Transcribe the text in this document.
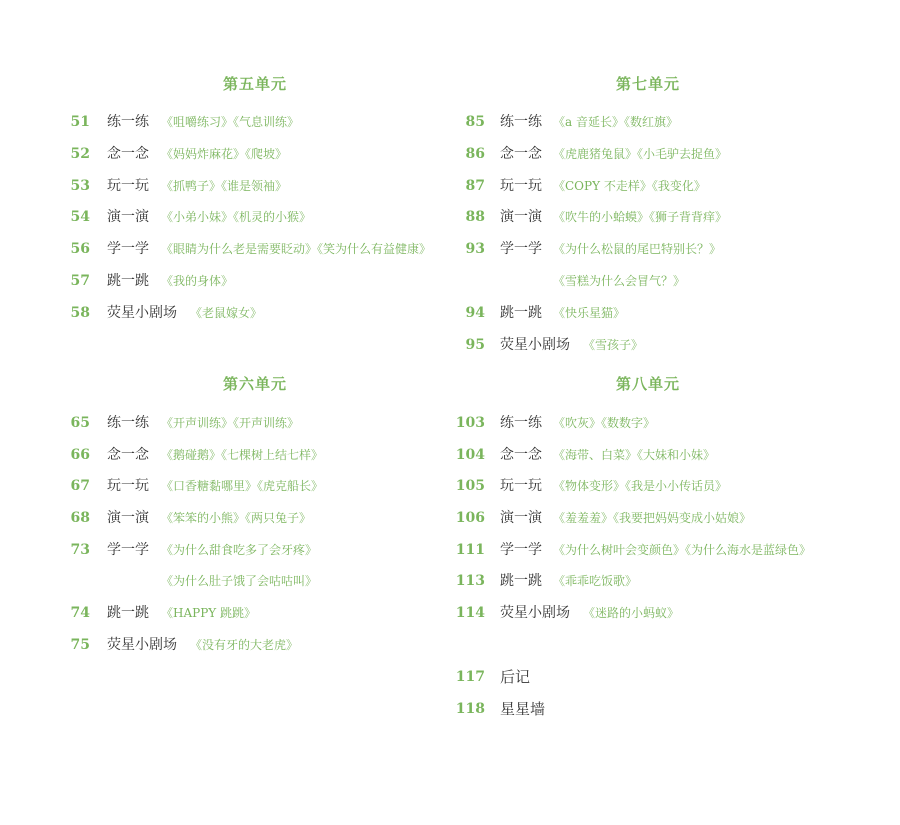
第五单元
51 练一练 《咀嚼练习》《气息训练》
52 念一念 《妈妈炸麻花》《爬坡》
53 玩一玩 《抓鸭子》《谁是领袖》
54 演一演 《小弟小妹》《机灵的小猴》
56 学一学 《眼睛为什么老是需要眨动》《笑为什么有益健康》
57 跳一跳 《我的身体》
58 荧星小剧场 《老鼠嫁女》
第六单元
65 练一练 《开声训练》《开声训练》
66 念一念 《鹅碰鹅》《七棵树上结七样》
67 玩一玩 《口香糖黏哪里》《虎克船长》
68 演一演 《笨笨的小熊》《两只兔子》
73 学一学 《为什么甜食吃多了会牙疼》
《为什么肚子饿了会咕咕叫》
74 跳一跳 《HAPPY 跳跳》
75 荧星小剧场 《没有牙的大老虎》
第七单元
85 练一练 《a 音延长》《数红旗》
86 念一念 《虎鹿猪兔鼠》《小毛驴去捉鱼》
87 玩一玩 《COPY 不走样》《我变化》
88 演一演 《吹牛的小蛤蟆》《狮子背背痒》
93 学一学 《为什么松鼠的尾巴特别长？》
《雪糕为什么会冒气？》
94 跳一跳 《快乐星猫》
95 荧星小剧场 《雪孩子》
第八单元
103 练一练 《吹灰》《数数字》
104 念一念 《海带、白菜》《大妹和小妹》
105 玩一玩 《物体变形》《我是小小传话员》
106 演一演 《羞羞羞》《我要把妈妈变成小姑娘》
111 学一学 《为什么树叶会变颜色》《为什么海水是蓝绿色》
113 跳一跳 《乖乖吃饭歌》
114 荧星小剧场 《迷路的小蚂蚁》
117 后记
118 星星墙
